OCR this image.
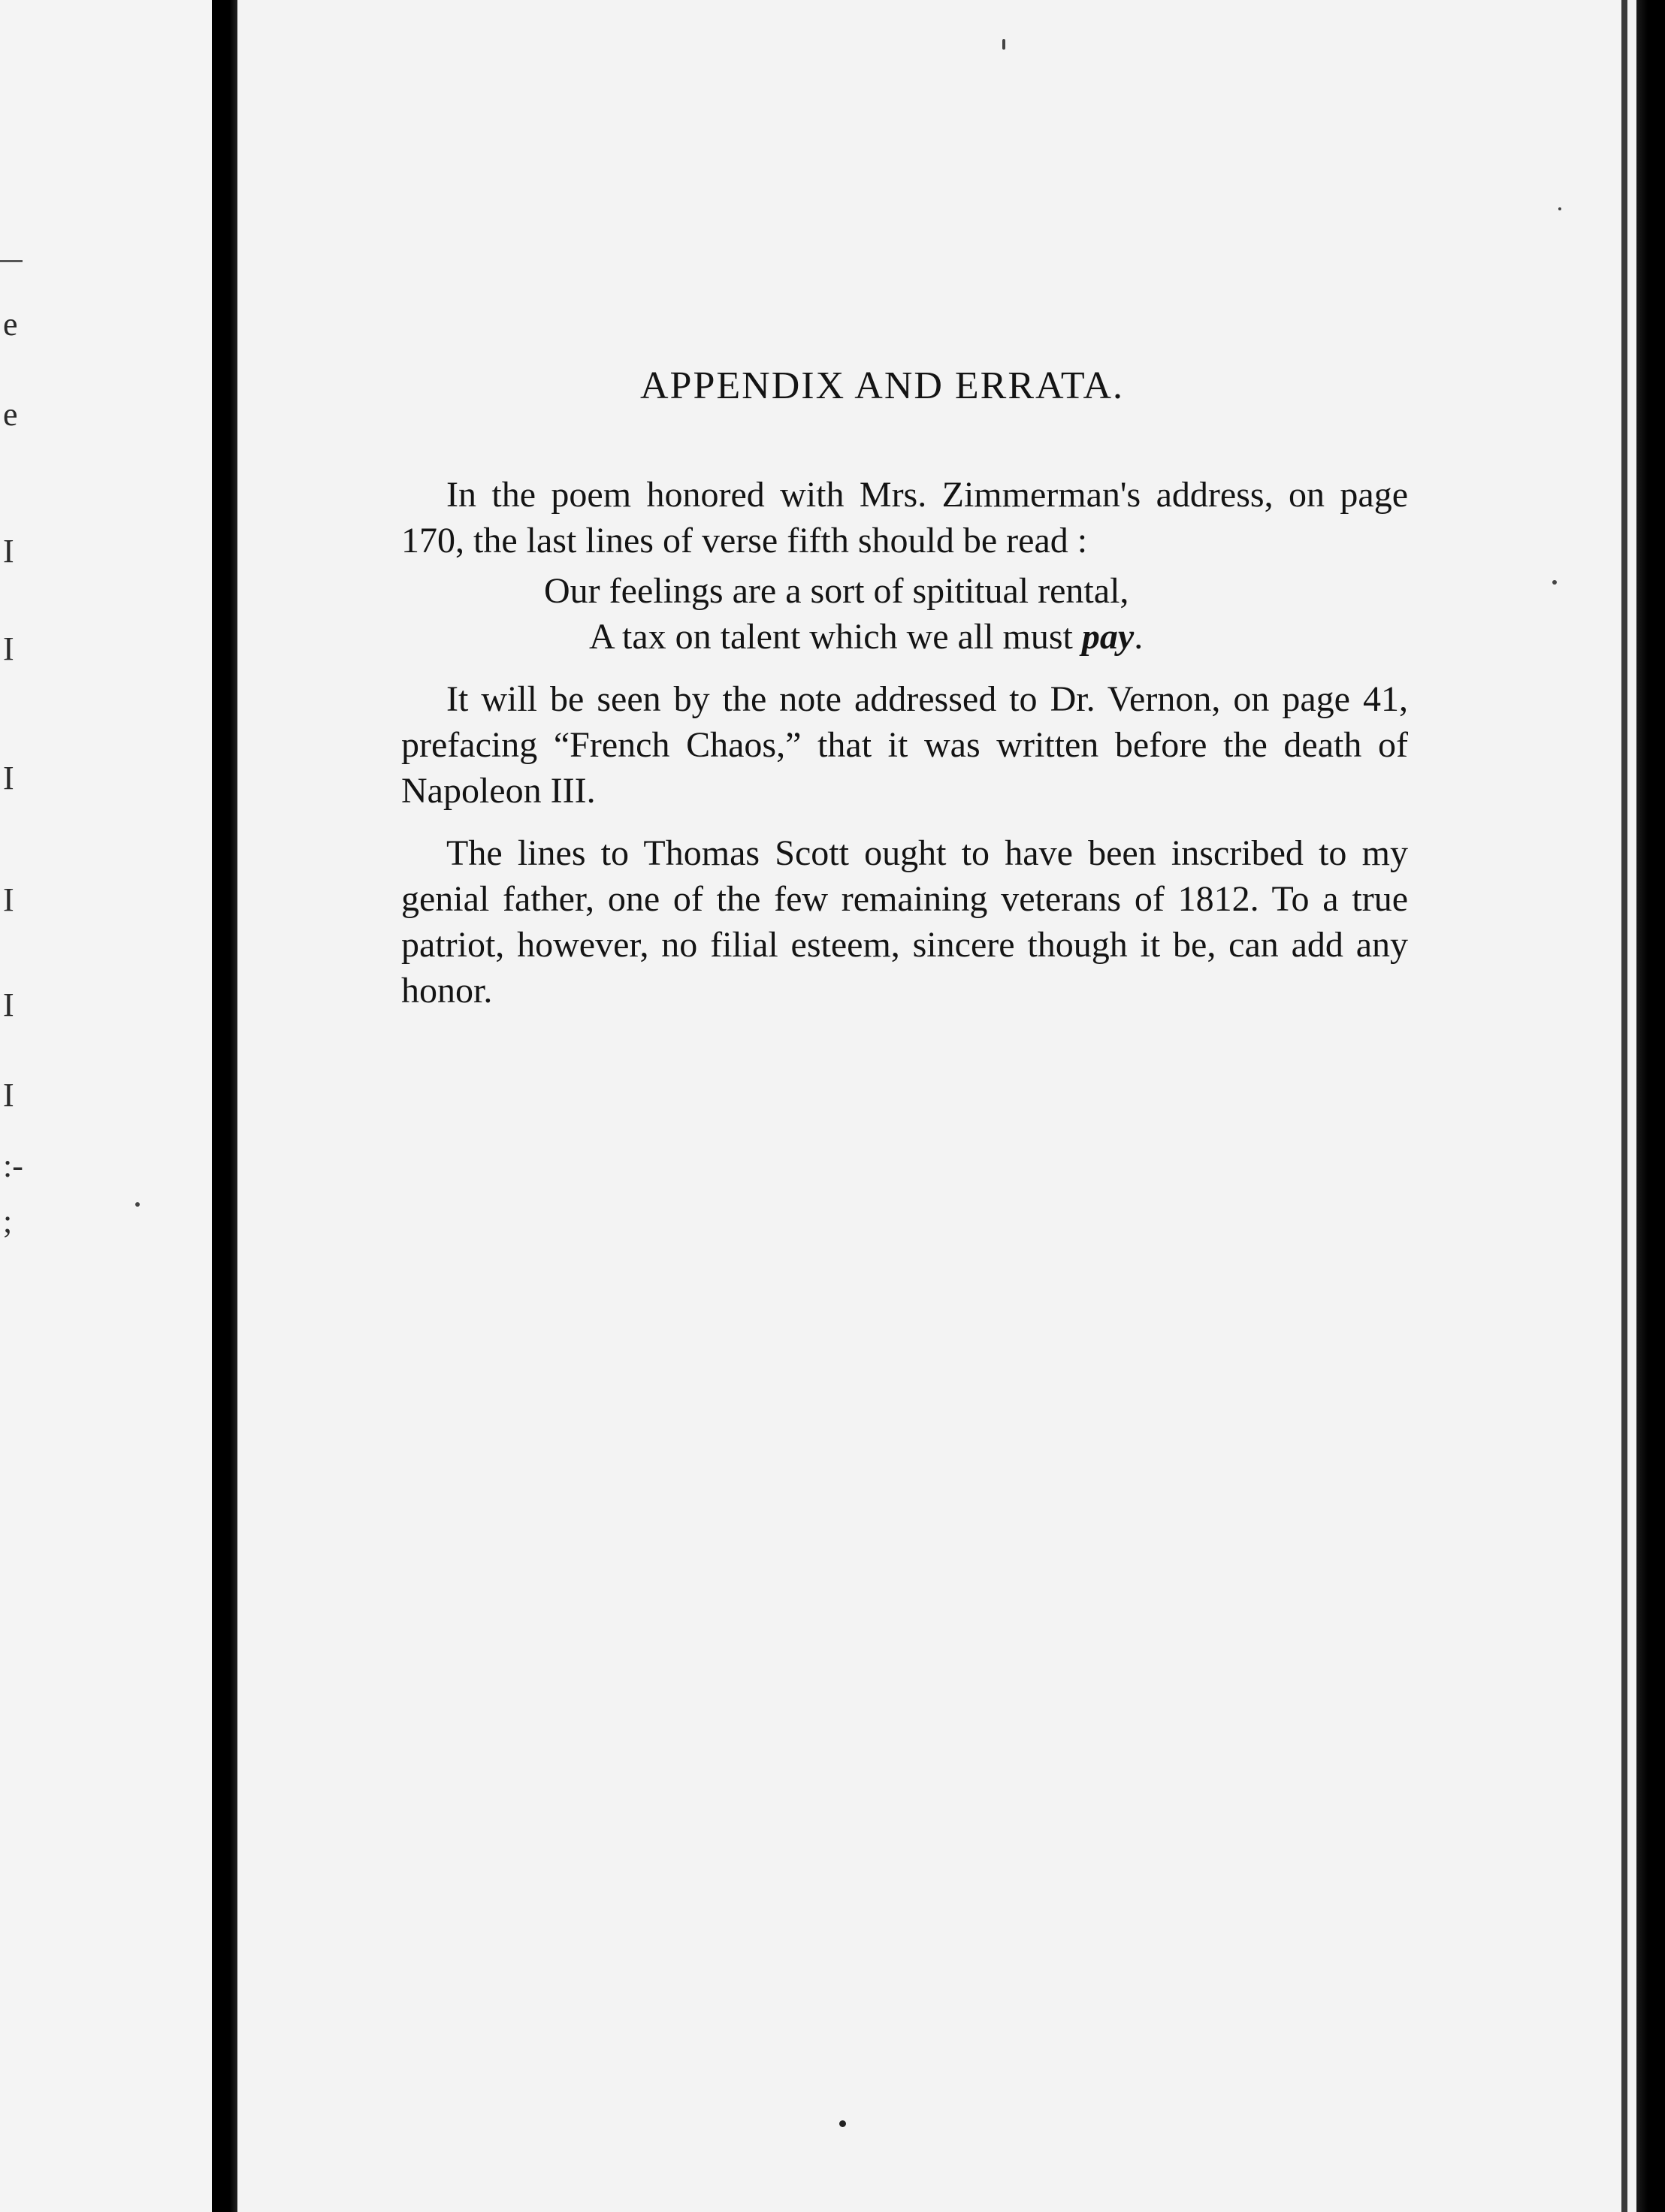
e
e
I
I
I
I
I
I
:-
;
APPENDIX AND ERRATA.

In the poem honored with Mrs. Zimmerman's address, on page 170, the last lines of verse fifth should be read :

Our feelings are a sort of spititual rental,
A tax on talent which we all must pay.

It will be seen by the note addressed to Dr. Vernon, on page 41, prefacing “French Chaos,” that it was written before the death of Napoleon III.

The lines to Thomas Scott ought to have been inscribed to my genial father, one of the few remaining veterans of 1812. To a true patriot, however, no filial esteem, sincere though it be, can add any honor.
